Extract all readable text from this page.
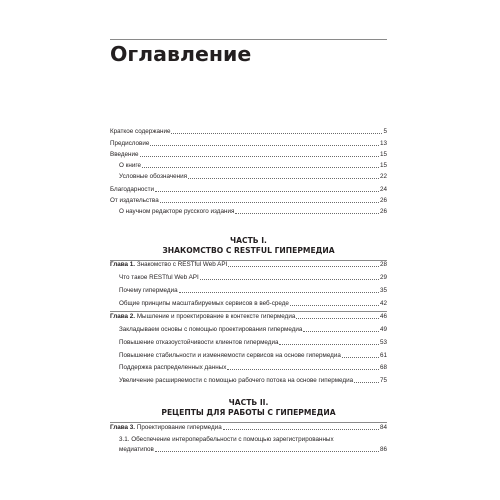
Оглавление
Краткое содержание	5
Предисловие	13
Введение	15
О книге	15
Условные обозначения	22
Благодарности	24
От издательства	26
О научном редакторе русского издания	26
ЧАСТЬ I.
ЗНАКОМСТВО С RESTFUL ГИПЕРМЕДИА
Глава 1. Знакомство с RESTful Web API	28
Что такое RESTful Web API	29
Почему гипермедиа	35
Общие принципы масштабируемых сервисов в веб-среде	42
Глава 2. Мышление и проектирование в контексте гипермедиа	46
Закладываем основы с помощью проектирования гипермедиа	49
Повышение отказоустойчивости клиентов гипермедиа	53
Повышение стабильности и изменяемости сервисов на основе гипермедиа	61
Поддержка распределенных данных	68
Увеличение расширяемости с помощью рабочего потока на основе гипермедиа	75
ЧАСТЬ II.
РЕЦЕПТЫ ДЛЯ РАБОТЫ С ГИПЕРМЕДИА
Глава 3. Проектирование гипермедиа	84
3.1. Обеспечение интероперабельности с помощью зарегистрированных
медиатипов	86
